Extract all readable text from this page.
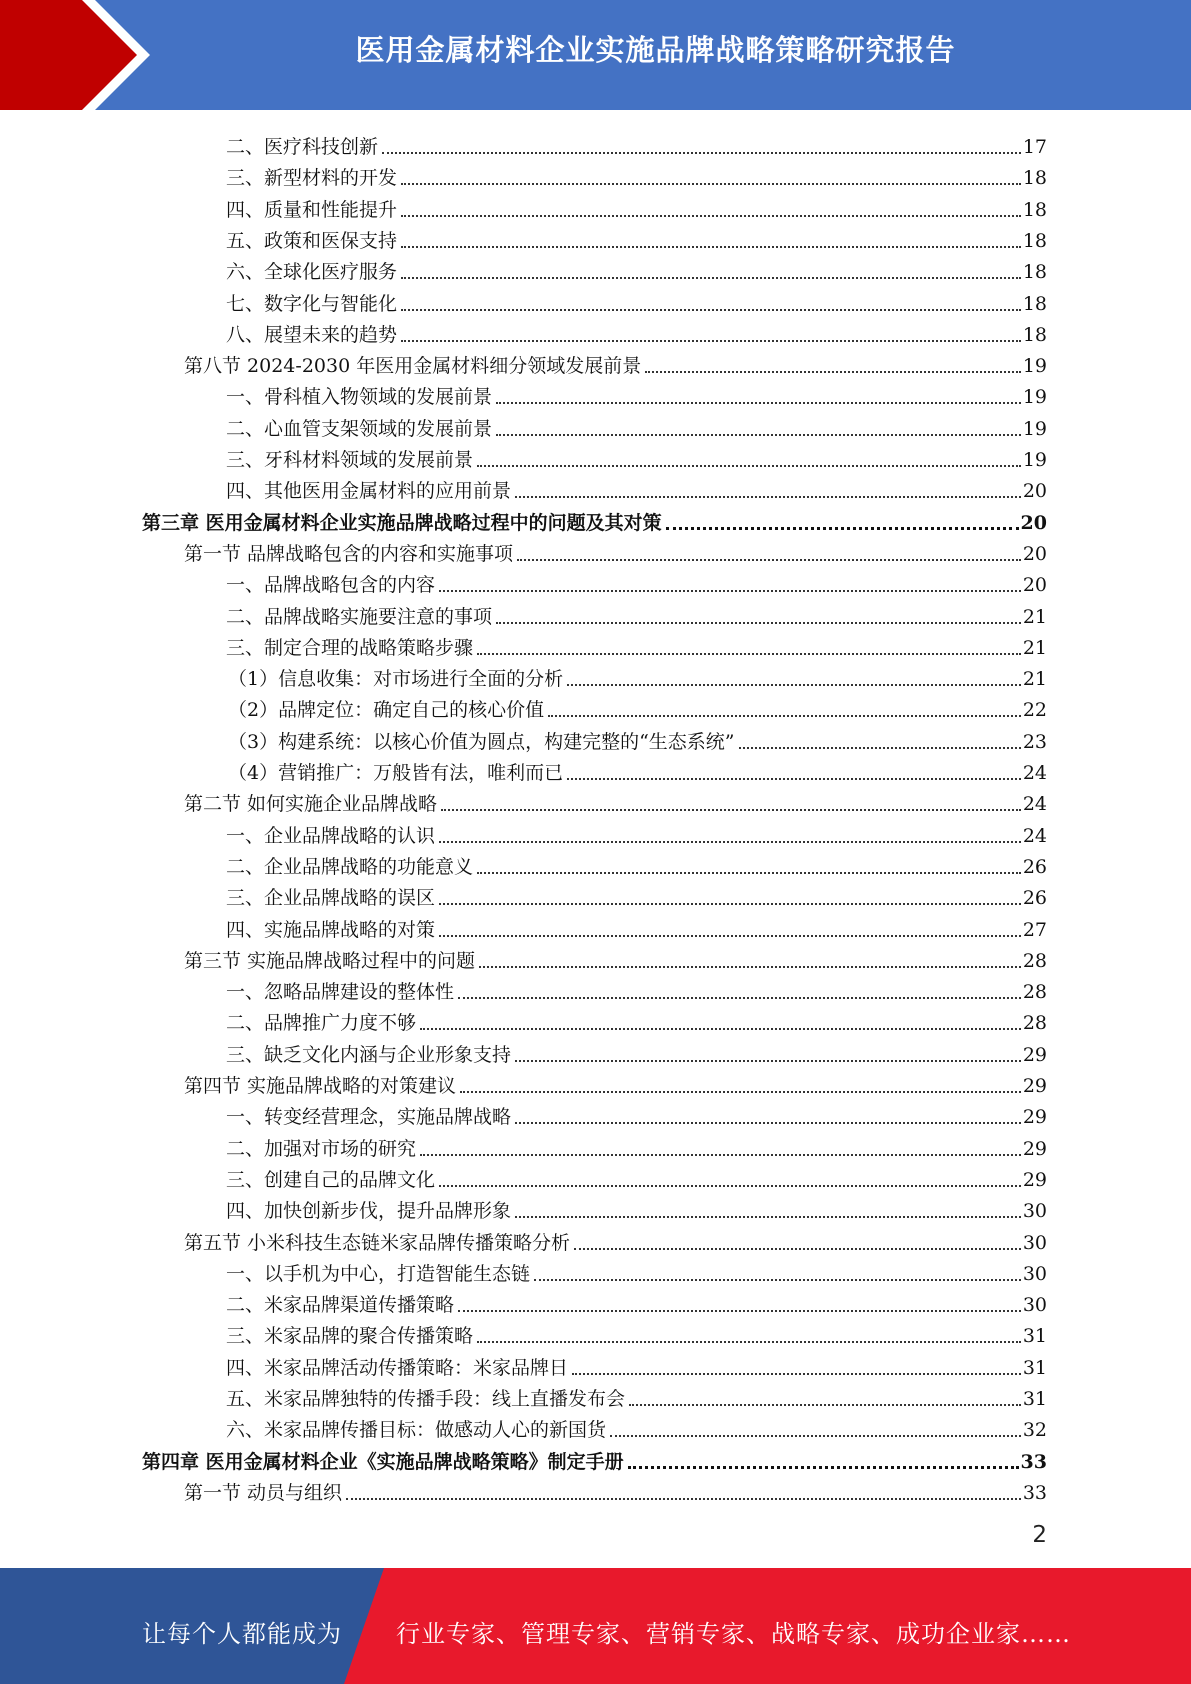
医用金属材料企业实施品牌战略策略研究报告
二、医疗科技创新	17
三、新型材料的开发	18
四、质量和性能提升	18
五、政策和医保支持	18
六、全球化医疗服务	18
七、数字化与智能化	18
八、展望未来的趋势	18
第八节 2024-2030 年医用金属材料细分领域发展前景	19
一、骨科植入物领域的发展前景	19
二、心血管支架领域的发展前景	19
三、牙科材料领域的发展前景	19
四、其他医用金属材料的应用前景	20
第三章 医用金属材料企业实施品牌战略过程中的问题及其对策	20
第一节 品牌战略包含的内容和实施事项	20
一、品牌战略包含的内容	20
二、品牌战略实施要注意的事项	21
三、制定合理的战略策略步骤	21
（1）信息收集：对市场进行全面的分析	21
（2）品牌定位：确定自己的核心价值	22
（3）构建系统：以核心价值为圆点，构建完整的“生态系统”	23
（4）营销推广：万般皆有法，唯利而已	24
第二节 如何实施企业品牌战略	24
一、企业品牌战略的认识	24
二、企业品牌战略的功能意义	26
三、企业品牌战略的误区	26
四、实施品牌战略的对策	27
第三节 实施品牌战略过程中的问题	28
一、忽略品牌建设的整体性	28
二、品牌推广力度不够	28
三、缺乏文化内涵与企业形象支持	29
第四节 实施品牌战略的对策建议	29
一、转变经营理念，实施品牌战略	29
二、加强对市场的研究	29
三、创建自己的品牌文化	29
四、加快创新步伐，提升品牌形象	30
第五节 小米科技生态链米家品牌传播策略分析	30
一、以手机为中心，打造智能生态链	30
二、米家品牌渠道传播策略	30
三、米家品牌的聚合传播策略	31
四、米家品牌活动传播策略：米家品牌日	31
五、米家品牌独特的传播手段：线上直播发布会	31
六、米家品牌传播目标：做感动人心的新国货	32
第四章 医用金属材料企业《实施品牌战略策略》制定手册	33
第一节 动员与组织	33
2
让每个人都能成为 行业专家、管理专家、营销专家、战略专家、成功企业家……
